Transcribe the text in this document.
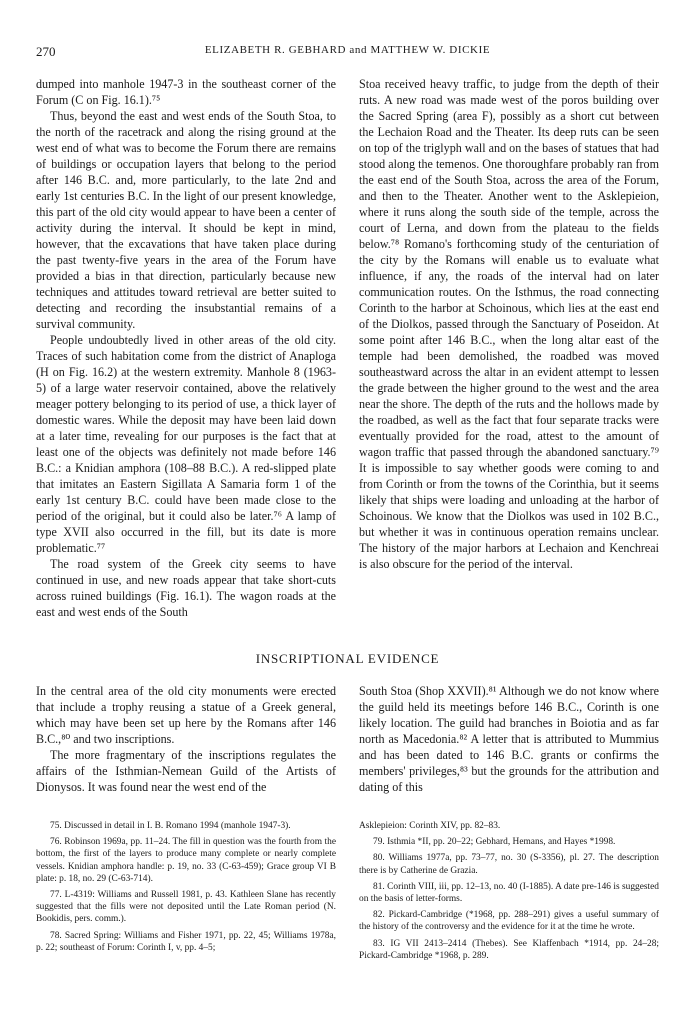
270	ELIZABETH R. GEBHARD and MATTHEW W. DICKIE

dumped into manhole 1947-3 in the southeast corner of the Forum (C on Fig. 16.1).⁷⁵

Thus, beyond the east and west ends of the South Stoa, to the north of the racetrack and along the rising ground at the west end of what was to become the Forum there are remains of buildings or occupation layers that belong to the period after 146 B.C. and, more particularly, to the late 2nd and early 1st centuries B.C. In the light of our present knowledge, this part of the old city would appear to have been a center of activity during the interval. It should be kept in mind, however, that the excavations that have taken place during the past twenty-five years in the area of the Forum have provided a bias in that direction, particularly because new techniques and attitudes toward retrieval are better suited to detecting and recording the insubstantial remains of a survival community.

People undoubtedly lived in other areas of the old city. Traces of such habitation come from the district of Anaploga (H on Fig. 16.2) at the western extremity. Manhole 8 (1963-5) of a large water reservoir contained, above the relatively meager pottery belonging to its period of use, a thick layer of domestic wares. While the deposit may have been laid down at a later time, revealing for our purposes is the fact that at least one of the objects was definitely not made before 146 B.C.: a Knidian amphora (108–88 B.C.). A red-slipped plate that imitates an Eastern Sigillata A Samaria form 1 of the early 1st century B.C. could have been made close to the period of the original, but it could also be later.⁷⁶ A lamp of type XVII also occurred in the fill, but its date is more problematic.⁷⁷

The road system of the Greek city seems to have continued in use, and new roads appear that take short-cuts across ruined buildings (Fig. 16.1). The wagon roads at the east and west ends of the South

Stoa received heavy traffic, to judge from the depth of their ruts. A new road was made west of the poros building over the Sacred Spring (area F), possibly as a short cut between the Lechaion Road and the Theater. Its deep ruts can be seen on top of the triglyph wall and on the bases of statues that had stood along the temenos. One thoroughfare probably ran from the east end of the South Stoa, across the area of the Forum, and then to the Theater. Another went to the Asklepieion, where it runs along the south side of the temple, across the court of Lerna, and down from the plateau to the fields below.⁷⁸ Romano's forthcoming study of the centuriation of the city by the Romans will enable us to evaluate what influence, if any, the roads of the interval had on later communication routes. On the Isthmus, the road connecting Corinth to the harbor at Schoinous, which lies at the east end of the Diolkos, passed through the Sanctuary of Poseidon. At some point after 146 B.C., when the long altar east of the temple had been demolished, the roadbed was moved southeastward across the altar in an evident attempt to lessen the grade between the higher ground to the west and the area near the shore. The depth of the ruts and the hollows made by the roadbed, as well as the fact that four separate tracks were eventually provided for the road, attest to the amount of wagon traffic that passed through the abandoned sanctuary.⁷⁹ It is impossible to say whether goods were coming to and from Corinth or from the towns of the Corinthia, but it seems likely that ships were loading and unloading at the harbor of Schoinous. We know that the Diolkos was used in 102 B.C., but whether it was in continuous operation remains unclear. The history of the major harbors at Lechaion and Kenchreai is also obscure for the period of the interval.

INSCRIPTIONAL EVIDENCE

In the central area of the old city monuments were erected that include a trophy reusing a statue of a Greek general, which may have been set up here by the Romans after 146 B.C.,⁸⁰ and two inscriptions.

The more fragmentary of the inscriptions regulates the affairs of the Isthmian-Nemean Guild of the Artists of Dionysos. It was found near the west end of the

South Stoa (Shop XXVII).⁸¹ Although we do not know where the guild held its meetings before 146 B.C., Corinth is one likely location. The guild had branches in Boiotia and as far north as Macedonia.⁸² A letter that is attributed to Mummius and has been dated to 146 B.C. grants or confirms the members' privileges,⁸³ but the grounds for the attribution and dating of this

75. Discussed in detail in I. B. Romano 1994 (manhole 1947-3).

76. Robinson 1969a, pp. 11–24. The fill in question was the fourth from the bottom, the first of the layers to produce many complete or nearly complete vessels. Knidian amphora handle: p. 19, no. 33 (C-63-459); Grace group VI B plate: p. 18, no. 29 (C-63-714).

77. L-4319: Williams and Russell 1981, p. 43. Kathleen Slane has recently suggested that the fills were not deposited until the Late Roman period (N. Bookidis, pers. comm.).

78. Sacred Spring: Williams and Fisher 1971, pp. 22, 45; Williams 1978a, p. 22; southeast of Forum: Corinth I, v, pp. 4–5;

Asklepieion: Corinth XIV, pp. 82–83.

79. Isthmia *II, pp. 20–22; Gebhard, Hemans, and Hayes *1998.

80. Williams 1977a, pp. 73–77, no. 30 (S-3356), pl. 27. The description there is by Catherine de Grazia.

81. Corinth VIII, iii, pp. 12–13, no. 40 (I-1885). A date pre-146 is suggested on the basis of letter-forms.

82. Pickard-Cambridge (*1968, pp. 288–291) gives a useful summary of the history of the controversy and the evidence for it at the time he wrote.

83. IG VII 2413–2414 (Thebes). See Klaffenbach *1914, pp. 24–28; Pickard-Cambridge *1968, p. 289.
